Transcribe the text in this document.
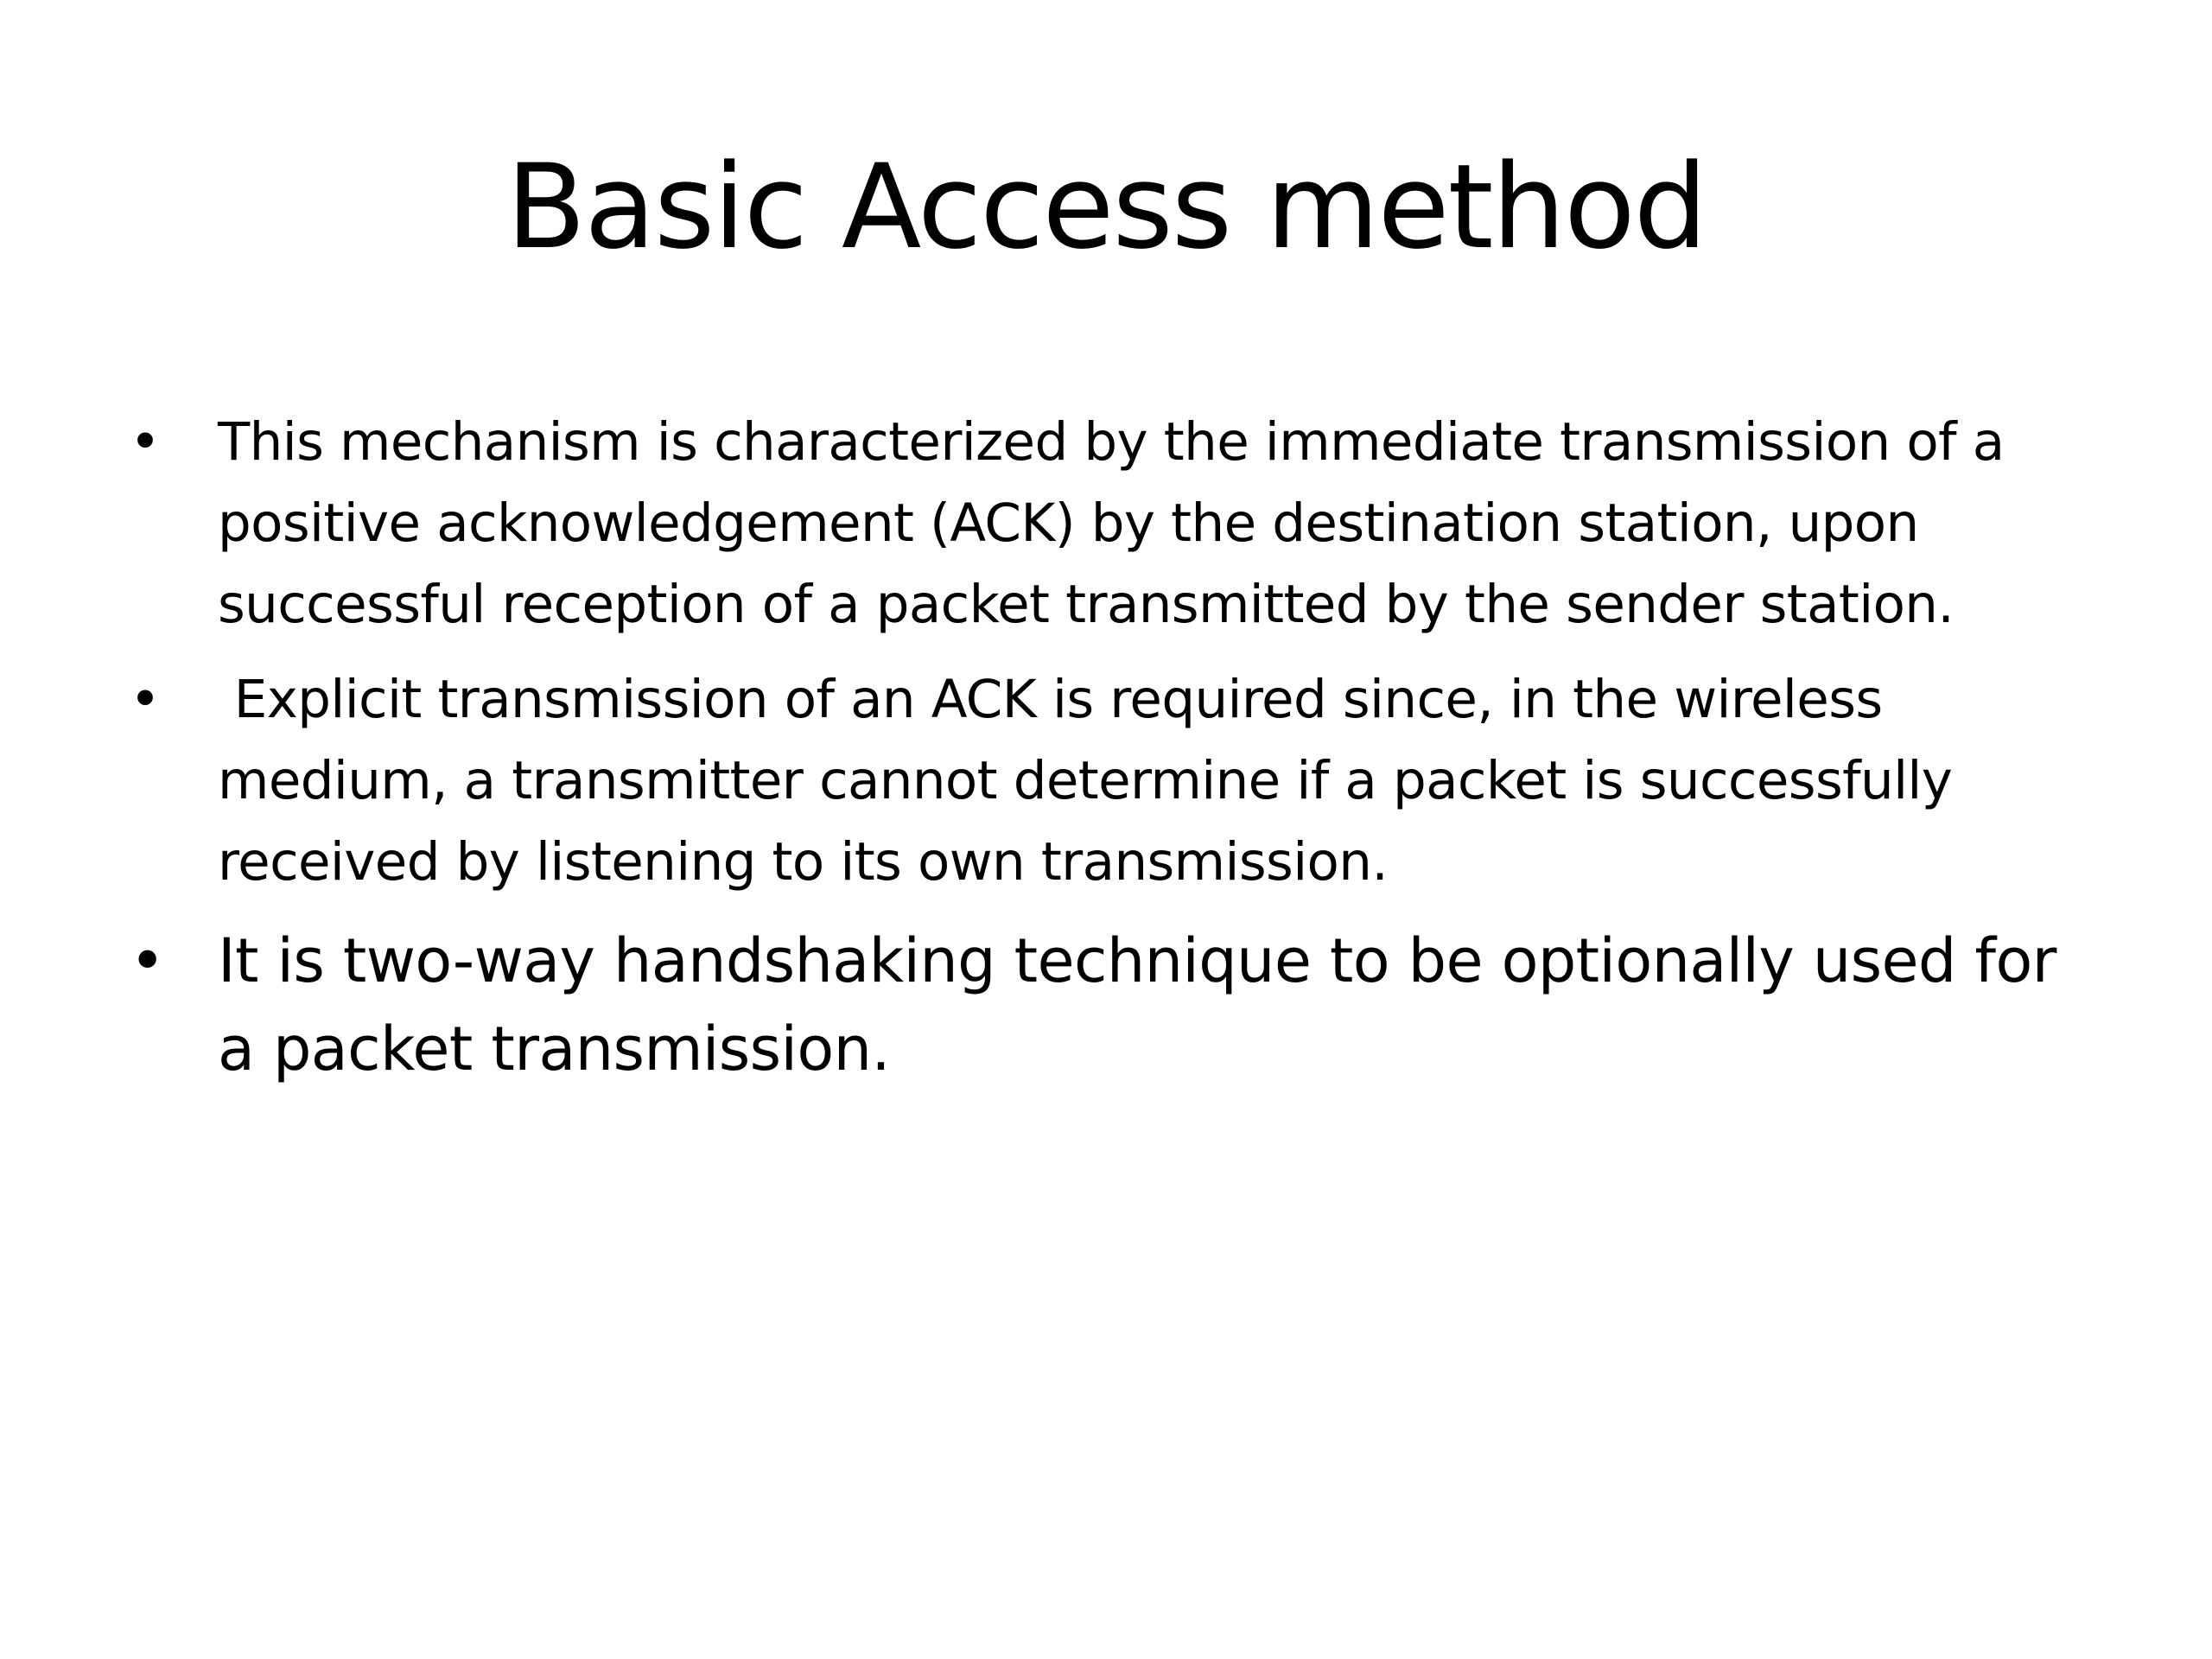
Basic Access method
• This mechanism is characterized by the immediate transmission of a positive acknowledgement (ACK) by the destination station, upon successful reception of a packet transmitted by the sender station.
• Explicit transmission of an ACK is required since, in the wireless medium, a transmitter cannot determine if a packet is successfully received by listening to its own transmission.
• It is two-way handshaking technique to be optionally used for a packet transmission.
